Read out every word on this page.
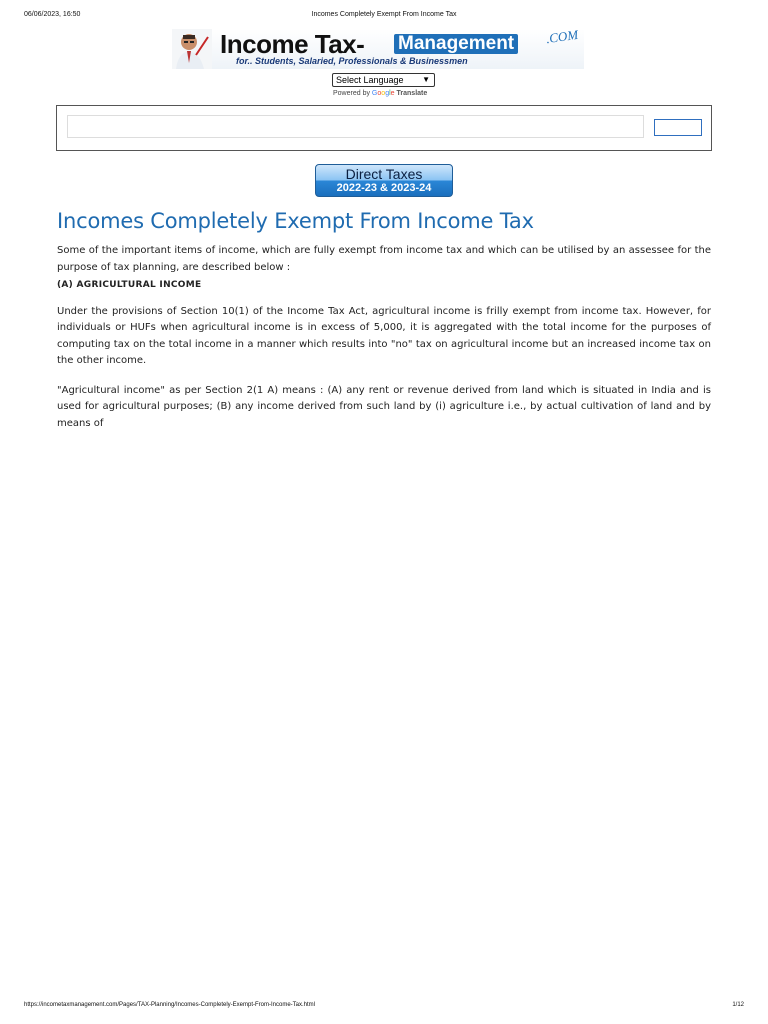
06/06/2023, 16:50	Incomes Completely Exempt From Income Tax
Income Tax- Management	.COM
for.. Students, Salaried, Professionals & Businessmen
Select Language ▼
Powered by Google Translate
Direct Taxes
2022-23 & 2023-24
Incomes Completely Exempt From Income Tax

Some of the important items of income, which are fully exempt from income tax and which can be utilised by an assessee for the purpose of tax planning, are described below :

(A) AGRICULTURAL INCOME

Under the provisions of Section 10(1) of the Income Tax Act, agricultural income is frilly exempt from income tax. However, for individuals or HUFs when agricultural income is in excess of 5,000, it is aggregated with the total income for the purposes of computing tax on the total income in a manner which results into "no" tax on agricultural income but an increased income tax on the other income.

"Agricultural income" as per Section 2(1 A) means : (A) any rent or revenue derived from land which is situated in India and is used for agricultural purposes; (B) any income derived from such land by (i) agriculture i.e., by actual cultivation of land and by means of

https://incometaxmanagement.com/Pages/TAX-Planning/Incomes-Completely-Exempt-From-Income-Tax.html	1/12
